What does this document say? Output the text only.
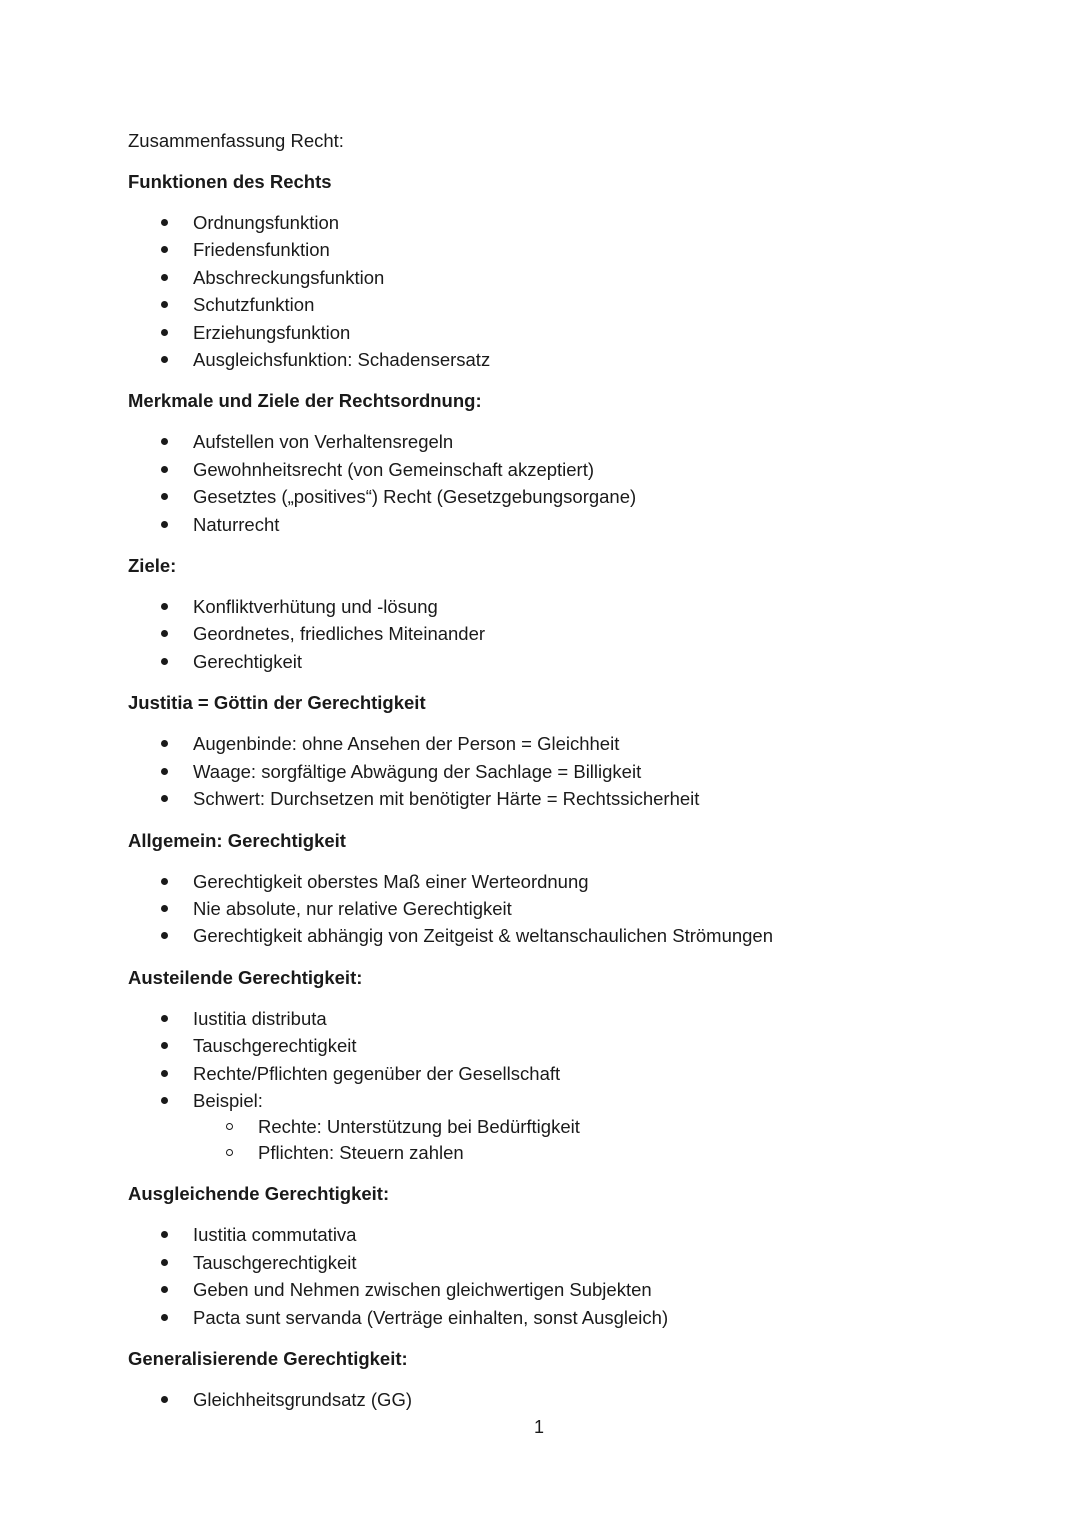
Zusammenfassung Recht:
Funktionen des Rechts
Ordnungsfunktion
Friedensfunktion
Abschreckungsfunktion
Schutzfunktion
Erziehungsfunktion
Ausgleichsfunktion: Schadensersatz
Merkmale und Ziele der Rechtsordnung:
Aufstellen von Verhaltensregeln
Gewohnheitsrecht (von Gemeinschaft akzeptiert)
Gesetztes („positives“) Recht (Gesetzgebungsorgane)
Naturrecht
Ziele:
Konfliktverhütung und -lösung
Geordnetes, friedliches Miteinander
Gerechtigkeit
Justitia = Göttin der Gerechtigkeit
Augenbinde: ohne Ansehen der Person = Gleichheit
Waage: sorgfältige Abwägung der Sachlage = Billigkeit
Schwert: Durchsetzen mit benötigter Härte = Rechtssicherheit
Allgemein: Gerechtigkeit
Gerechtigkeit oberstes Maß einer Werteordnung
Nie absolute, nur relative Gerechtigkeit
Gerechtigkeit abhängig von Zeitgeist & weltanschaulichen Strömungen
Austeilende Gerechtigkeit:
Iustitia distributa
Tauschgerechtigkeit
Rechte/Pflichten gegenüber der Gesellschaft
Beispiel:
Rechte: Unterstützung bei Bedürftigkeit
Pflichten: Steuern zahlen
Ausgleichende Gerechtigkeit:
Iustitia commutativa
Tauschgerechtigkeit
Geben und Nehmen zwischen gleichwertigen Subjekten
Pacta sunt servanda (Verträge einhalten, sonst Ausgleich)
Generalisierende Gerechtigkeit:
Gleichheitsgrundsatz (GG)
1
